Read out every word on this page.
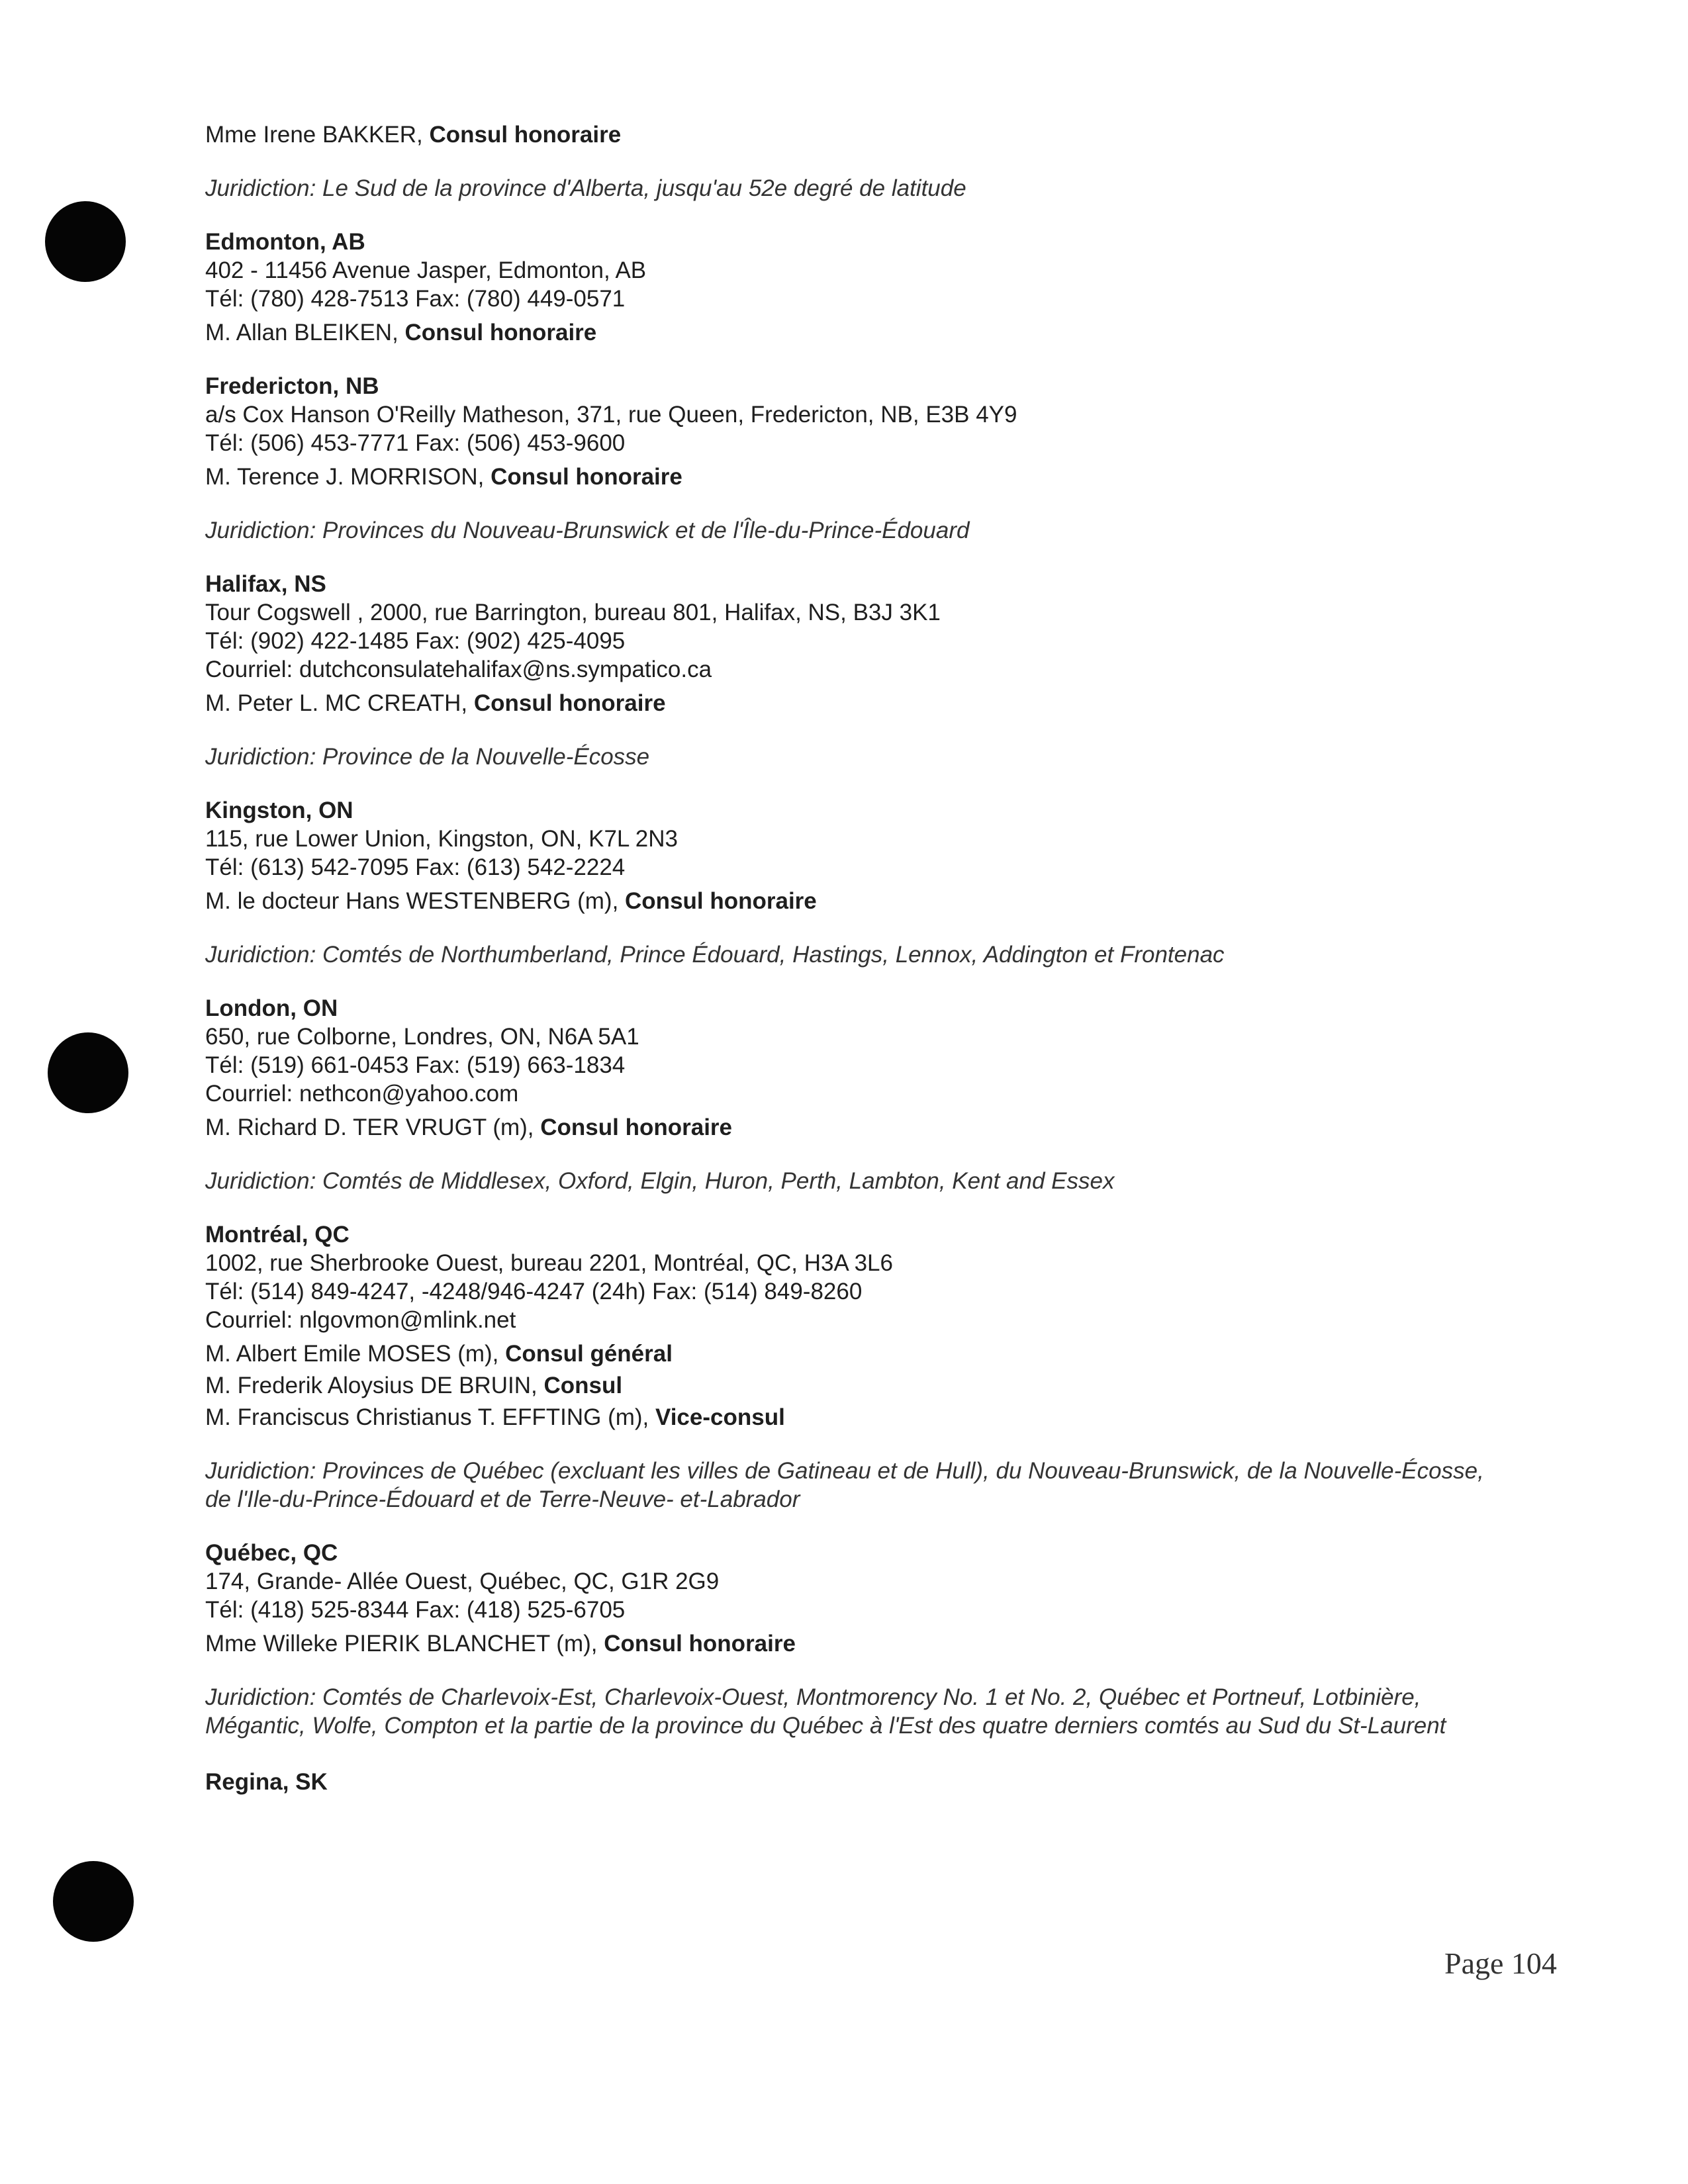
Mme Irene BAKKER, Consul honoraire
Juridiction: Le Sud de la province d'Alberta, jusqu'au 52e degré de latitude
Edmonton, AB
402 - 11456 Avenue Jasper, Edmonton, AB
Tél: (780) 428-7513 Fax: (780) 449-0571
M. Allan BLEIKEN, Consul honoraire
Fredericton, NB
a/s Cox Hanson O'Reilly Matheson, 371, rue Queen, Fredericton, NB, E3B 4Y9
Tél: (506) 453-7771 Fax: (506) 453-9600
M. Terence J. MORRISON, Consul honoraire
Juridiction: Provinces du Nouveau-Brunswick et de l'Île-du-Prince-Édouard
Halifax, NS
Tour Cogswell , 2000, rue Barrington, bureau 801, Halifax, NS, B3J 3K1
Tél: (902) 422-1485 Fax: (902) 425-4095
Courriel: dutchconsulatehalifax@ns.sympatico.ca
M. Peter L. MC CREATH, Consul honoraire
Juridiction: Province de la Nouvelle-Écosse
Kingston, ON
115, rue Lower Union, Kingston, ON, K7L 2N3
Tél: (613) 542-7095 Fax: (613) 542-2224
M. le docteur Hans WESTENBERG (m), Consul honoraire
Juridiction: Comtés de Northumberland, Prince Édouard, Hastings, Lennox, Addington et Frontenac
London, ON
650, rue Colborne, Londres, ON, N6A 5A1
Tél: (519) 661-0453 Fax: (519) 663-1834
Courriel: nethcon@yahoo.com
M. Richard D. TER VRUGT (m), Consul honoraire
Juridiction: Comtés de Middlesex, Oxford, Elgin, Huron, Perth, Lambton, Kent and Essex
Montréal, QC
1002, rue Sherbrooke Ouest, bureau 2201, Montréal, QC, H3A 3L6
Tél: (514) 849-4247, -4248/946-4247 (24h) Fax: (514) 849-8260
Courriel: nlgovmon@mlink.net
M. Albert Emile MOSES (m), Consul général
M. Frederik Aloysius DE BRUIN, Consul
M. Franciscus Christianus T. EFFTING (m), Vice-consul
Juridiction: Provinces de Québec (excluant les villes de Gatineau et de Hull), du Nouveau-Brunswick, de la Nouvelle-Écosse, de l'Ile-du-Prince-Édouard et de Terre-Neuve- et-Labrador
Québec, QC
174, Grande- Allée Ouest, Québec, QC, G1R 2G9
Tél: (418) 525-8344 Fax: (418) 525-6705
Mme Willeke PIERIK BLANCHET (m), Consul honoraire
Juridiction: Comtés de Charlevoix-Est, Charlevoix-Ouest, Montmorency No. 1 et No. 2, Québec et Portneuf, Lotbinière, Mégantic, Wolfe, Compton et la partie de la province du Québec à l'Est des quatre derniers comtés au Sud du St-Laurent
Regina, SK
Page 104
